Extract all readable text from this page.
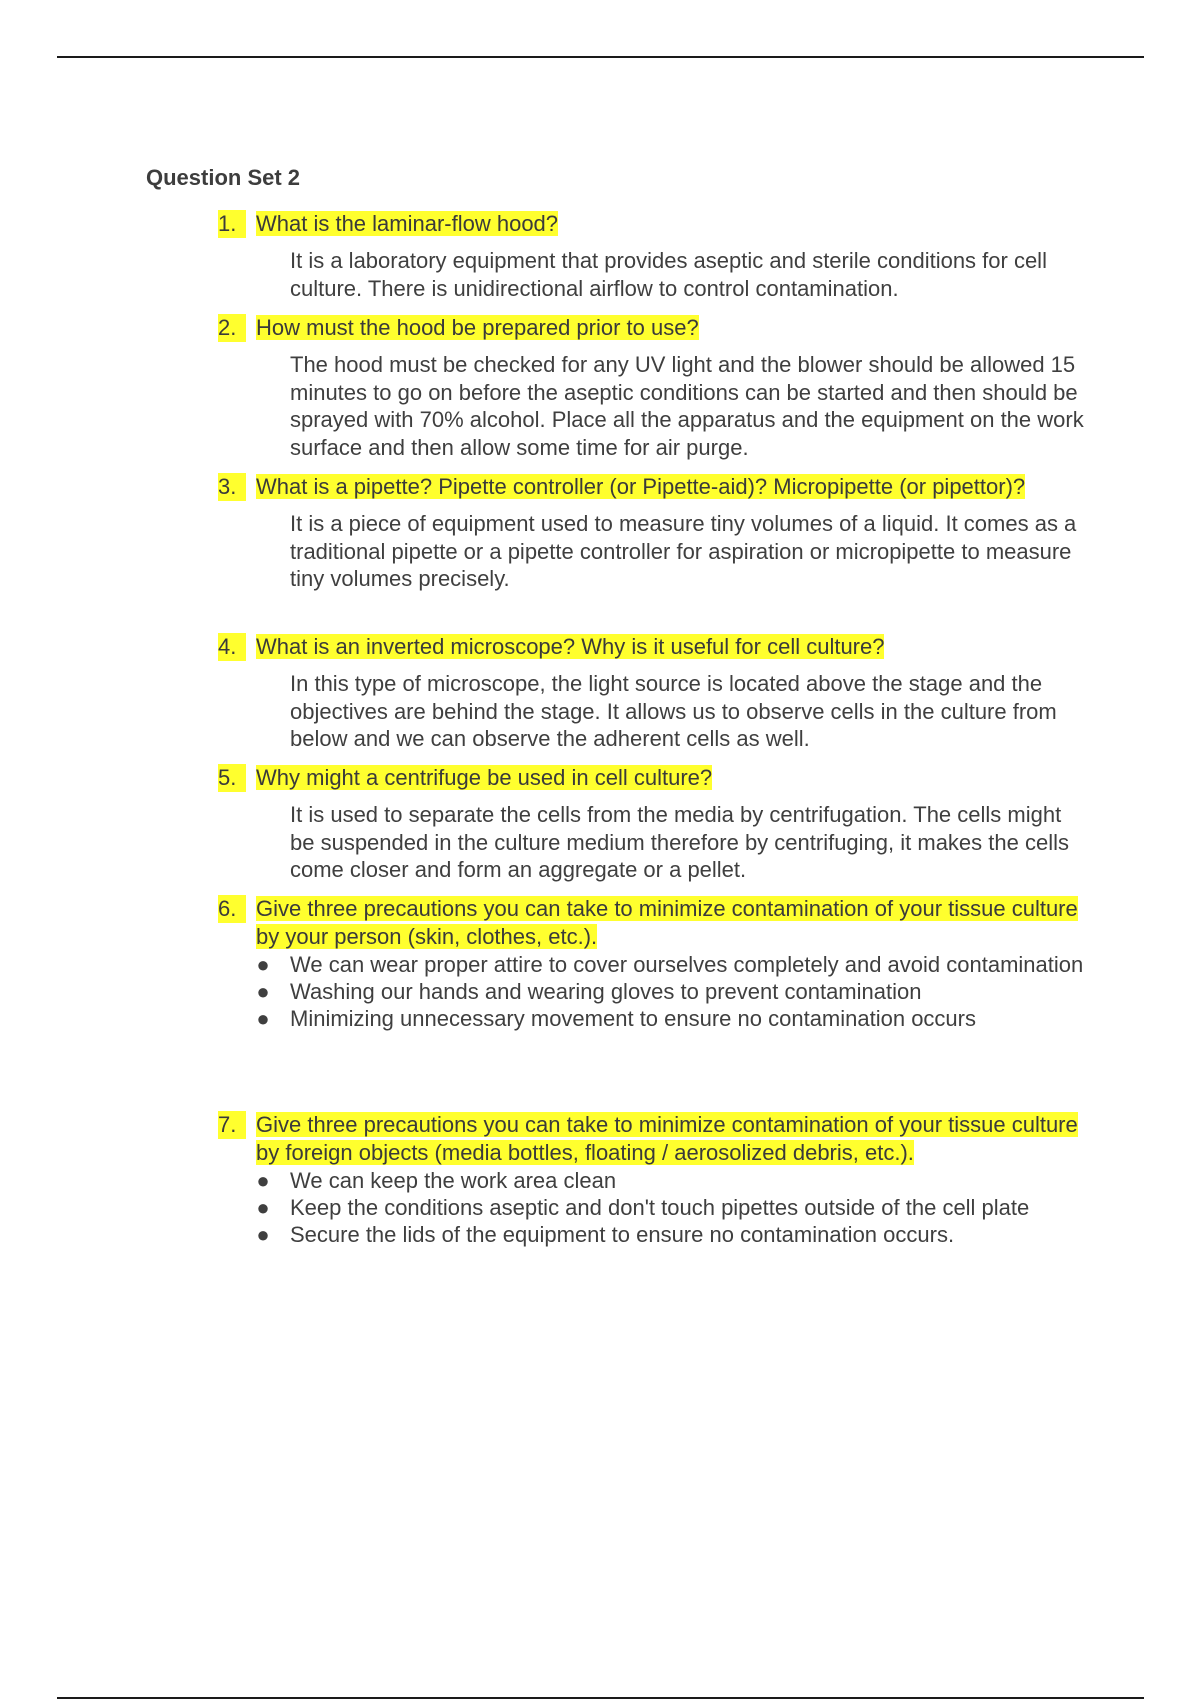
Question Set 2
1. What is the laminar-flow hood?
It is a laboratory equipment that provides aseptic and sterile conditions for cell culture. There is unidirectional airflow to control contamination.
2. How must the hood be prepared prior to use?
The hood must be checked for any UV light and the blower should be allowed 15 minutes to go on before the aseptic conditions can be started and then should be sprayed with 70% alcohol. Place all the apparatus and the equipment on the work surface and then allow some time for air purge.
3. What is a pipette? Pipette controller (or Pipette-aid)? Micropipette (or pipettor)?
It is a piece of equipment used to measure tiny volumes of a liquid. It comes as a traditional pipette or a pipette controller for aspiration or micropipette to measure tiny volumes precisely.
4. What is an inverted microscope? Why is it useful for cell culture?
In this type of microscope, the light source is located above the stage and the objectives are behind the stage. It allows us to observe cells in the culture from below and we can observe the adherent cells as well.
5. Why might a centrifuge be used in cell culture?
It is used to separate the cells from the media by centrifugation. The cells might be suspended in the culture medium therefore by centrifuging, it makes the cells come closer and form an aggregate or a pellet.
6. Give three precautions you can take to minimize contamination of your tissue culture by your person (skin, clothes, etc.).
● We can wear proper attire to cover ourselves completely and avoid contamination
● Washing our hands and wearing gloves to prevent contamination
● Minimizing unnecessary movement to ensure no contamination occurs
7. Give three precautions you can take to minimize contamination of your tissue culture by foreign objects (media bottles, floating / aerosolized debris, etc.).
● We can keep the work area clean
● Keep the conditions aseptic and don't touch pipettes outside of the cell plate
● Secure the lids of the equipment to ensure no contamination occurs.
